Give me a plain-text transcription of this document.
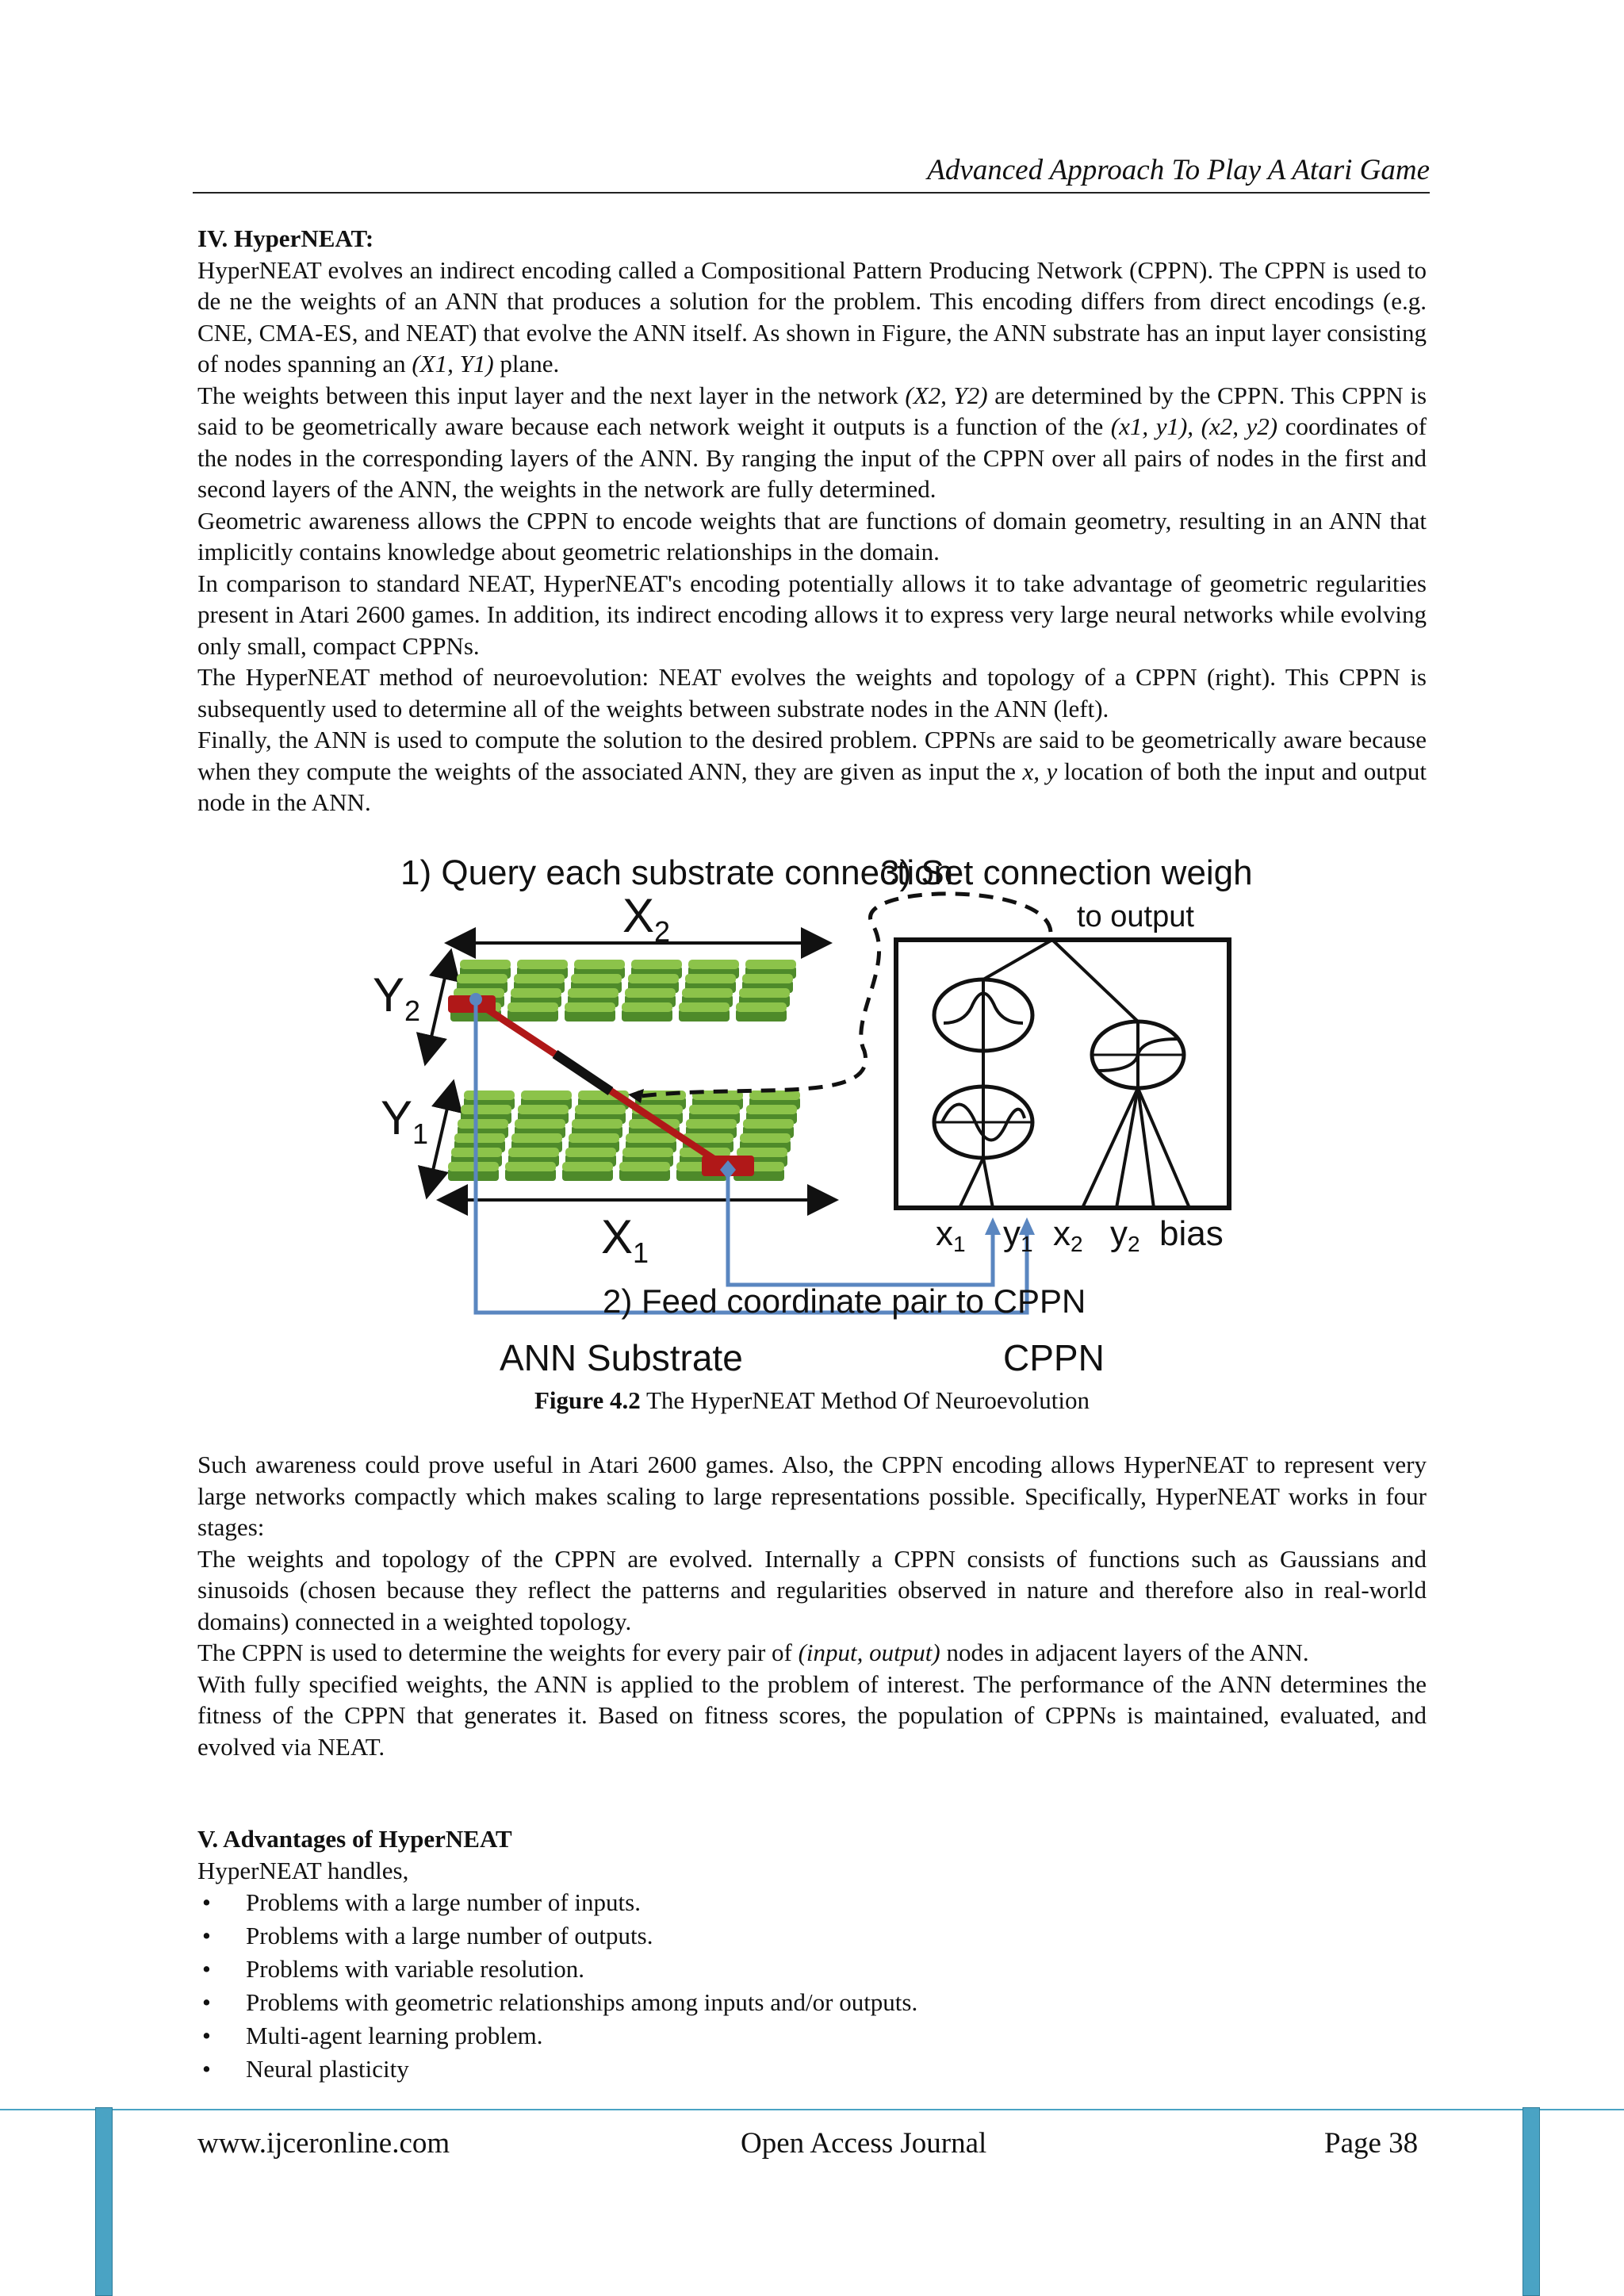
Advanced Approach To Play A Atari Game
IV. HyperNEAT:

HyperNEAT evolves an indirect encoding called a Compositional Pattern Producing Network (CPPN). The CPPN is used to de ne the weights of an ANN that produces a solution for the problem. This encoding differs from direct encodings (e.g. CNE, CMA-ES, and NEAT) that evolve the ANN itself. As shown in Figure, the ANN substrate has an input layer consisting of nodes spanning an (X1, Y1) plane.

The weights between this input layer and the next layer in the network (X2, Y2) are determined by the CPPN. This CPPN is said to be geometrically aware because each network weight it outputs is a function of the (x1, y1), (x2, y2) coordinates of the nodes in the corresponding layers of the ANN. By ranging the input of the CPPN over all pairs of nodes in the first and second layers of the ANN, the weights in the network are fully determined.

Geometric awareness allows the CPPN to encode weights that are functions of domain geometry, resulting in an ANN that implicitly contains knowledge about geometric relationships in the domain.

In comparison to standard NEAT, HyperNEAT's encoding potentially allows it to take advantage of geometric regularities present in Atari 2600 games. In addition, its indirect encoding allows it to express very large neural networks while evolving only small, compact CPPNs.

The HyperNEAT method of neuroevolution: NEAT evolves the weights and topology of a CPPN (right). This CPPN is subsequently used to determine all of the weights between substrate nodes in the ANN (left).

Finally, the ANN is used to compute the solution to the desired problem. CPPNs are said to be geometrically aware because when they compute the weights of the associated ANN, they are given as input the x, y location of both the input and output node in the ANN.

1) Query each substrate connection
3) Set connection weight
to output
$X_2$
$Y_2$
$Y_1$
$X_1$	x1 y1 x2 y2 bias
2) Feed coordinate pair to CPPN
ANN Substrate	CPPN
Figure 4.2 The HyperNEAT Method Of Neuroevolution

Such awareness could prove useful in Atari 2600 games. Also, the CPPN encoding allows HyperNEAT to represent very large networks compactly which makes scaling to large representations possible. Specifically, HyperNEAT works in four stages:

The weights and topology of the CPPN are evolved. Internally a CPPN consists of functions such as Gaussians and sinusoids (chosen because they reflect the patterns and regularities observed in nature and therefore also in real-world domains) connected in a weighted topology.

The CPPN is used to determine the weights for every pair of (input, output) nodes in adjacent layers of the ANN.

With fully specified weights, the ANN is applied to the problem of interest. The performance of the ANN determines the fitness of the CPPN that generates it. Based on fitness scores, the population of CPPNs is maintained, evaluated, and evolved via NEAT.

V. Advantages of HyperNEAT

HyperNEAT handles,

• Problems with a large number of inputs.
• Problems with a large number of outputs.
• Problems with variable resolution.
• Problems with geometric relationships among inputs and/or outputs.
• Multi-agent learning problem.
• Neural plasticity
www.ijceronline.com	Open Access Journal	Page 38
